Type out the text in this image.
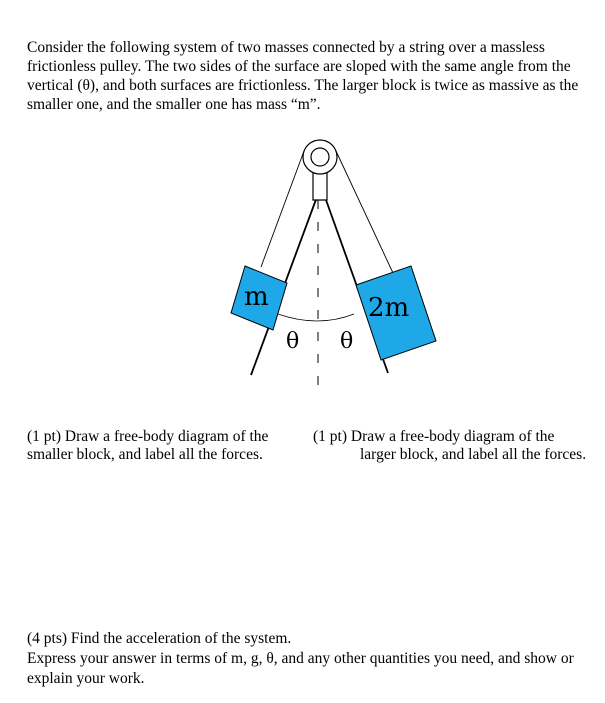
Consider the following system of two masses connected by a string over a massless frictionless pulley. The two sides of the surface are sloped with the same angle from the vertical (θ), and both surfaces are frictionless. The larger block is twice as massive as the smaller one, and the smaller one has mass “m”.

m	2m
θ θ

(1 pt) Draw a free-body diagram of the smaller block, and label all the forces.

(1 pt) Draw a free-body diagram of the
larger block, and label all the forces.

(4 pts) Find the acceleration of the system.
Express your answer in terms of m, g, θ, and any other quantities you need, and show or explain your work.
